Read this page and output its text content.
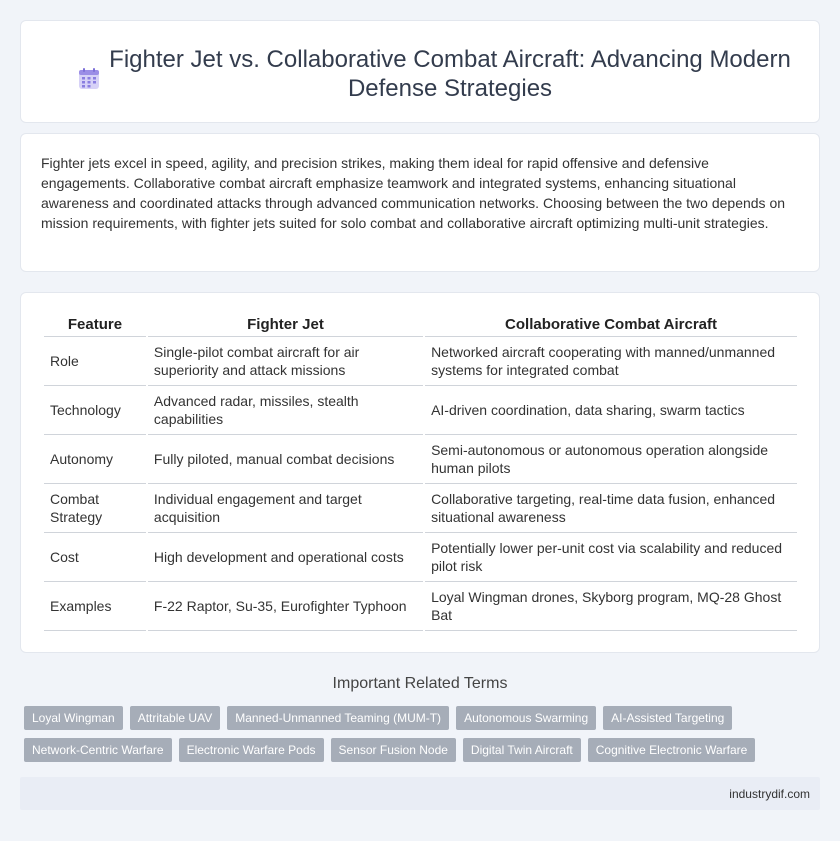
Fighter Jet vs. Collaborative Combat Aircraft: Advancing Modern Defense Strategies

Fighter jets excel in speed, agility, and precision strikes, making them ideal for rapid offensive and defensive engagements. Collaborative combat aircraft emphasize teamwork and integrated systems, enhancing situational awareness and coordinated attacks through advanced communication networks. Choosing between the two depends on mission requirements, with fighter jets suited for solo combat and collaborative aircraft optimizing multi-unit strategies.

Feature	Fighter Jet	Collaborative Combat Aircraft
Role	Single-pilot combat aircraft for air superiority and attack missions	Networked aircraft cooperating with manned/unmanned systems for integrated combat
Technology	Advanced radar, missiles, stealth capabilities	AI-driven coordination, data sharing, swarm tactics
Autonomy	Fully piloted, manual combat decisions	Semi-autonomous or autonomous operation alongside human pilots
Combat Strategy	Individual engagement and target acquisition	Collaborative targeting, real-time data fusion, enhanced situational awareness
Cost	High development and operational costs	Potentially lower per-unit cost via scalability and reduced pilot risk
Examples	F-22 Raptor, Su-35, Eurofighter Typhoon	Loyal Wingman drones, Skyborg program, MQ-28 Ghost Bat
Important Related Terms
Loyal Wingman	Attritable UAV	Manned-Unmanned Teaming (MUM-T)	Autonomous Swarming	AI-Assisted Targeting
Network-Centric Warfare	Electronic Warfare Pods	Sensor Fusion Node	Digital Twin Aircraft	Cognitive Electronic Warfare
industrydif.com
